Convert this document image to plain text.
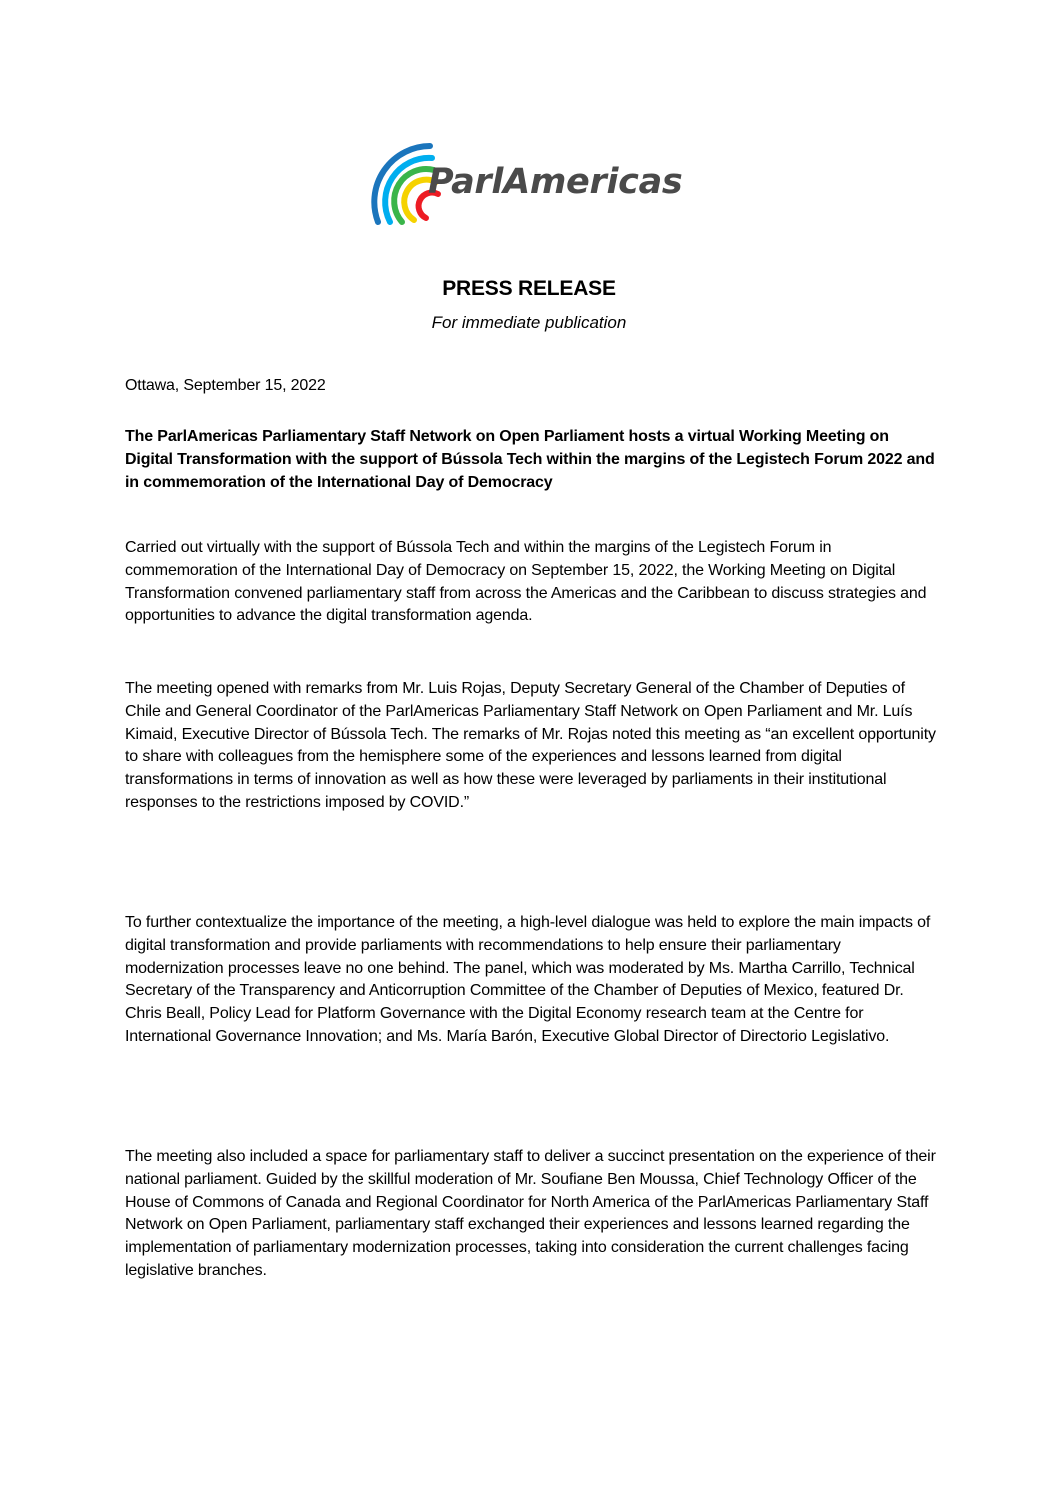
ParlAmericas
PRESS RELEASE
For immediate publication

Ottawa, September 15, 2022

The ParlAmericas Parliamentary Staff Network on Open Parliament hosts a virtual Working Meeting on Digital Transformation with the support of Bússola Tech within the margins of the Legistech Forum 2022 and in commemoration of the International Day of Democracy

Carried out virtually with the support of Bússola Tech and within the margins of the Legistech Forum in commemoration of the International Day of Democracy on September 15, 2022, the Working Meeting on Digital Transformation convened parliamentary staff from across the Americas and the Caribbean to discuss strategies and opportunities to advance the digital transformation agenda.

The meeting opened with remarks from Mr. Luis Rojas, Deputy Secretary General of the Chamber of Deputies of Chile and General Coordinator of the ParlAmericas Parliamentary Staff Network on Open Parliament and Mr. Luís Kimaid, Executive Director of Bússola Tech. The remarks of Mr. Rojas noted this meeting as “an excellent opportunity to share with colleagues from the hemisphere some of the experiences and lessons learned from digital transformations in terms of innovation as well as how these were leveraged by parliaments in their institutional responses to the restrictions imposed by COVID.”

To further contextualize the importance of the meeting, a high-level dialogue was held to explore the main impacts of digital transformation and provide parliaments with recommendations to help ensure their parliamentary modernization processes leave no one behind. The panel, which was moderated by Ms. Martha Carrillo, Technical Secretary of the Transparency and Anticorruption Committee of the Chamber of Deputies of Mexico, featured Dr. Chris Beall, Policy Lead for Platform Governance with the Digital Economy research team at the Centre for International Governance Innovation; and Ms. María Barón, Executive Global Director of Directorio Legislativo.

The meeting also included a space for parliamentary staff to deliver a succinct presentation on the experience of their national parliament. Guided by the skillful moderation of Mr. Soufiane Ben Moussa, Chief Technology Officer of the House of Commons of Canada and Regional Coordinator for North America of the ParlAmericas Parliamentary Staff Network on Open Parliament, parliamentary staff exchanged their experiences and lessons learned regarding the implementation of parliamentary modernization processes, taking into consideration the current challenges facing legislative branches.
